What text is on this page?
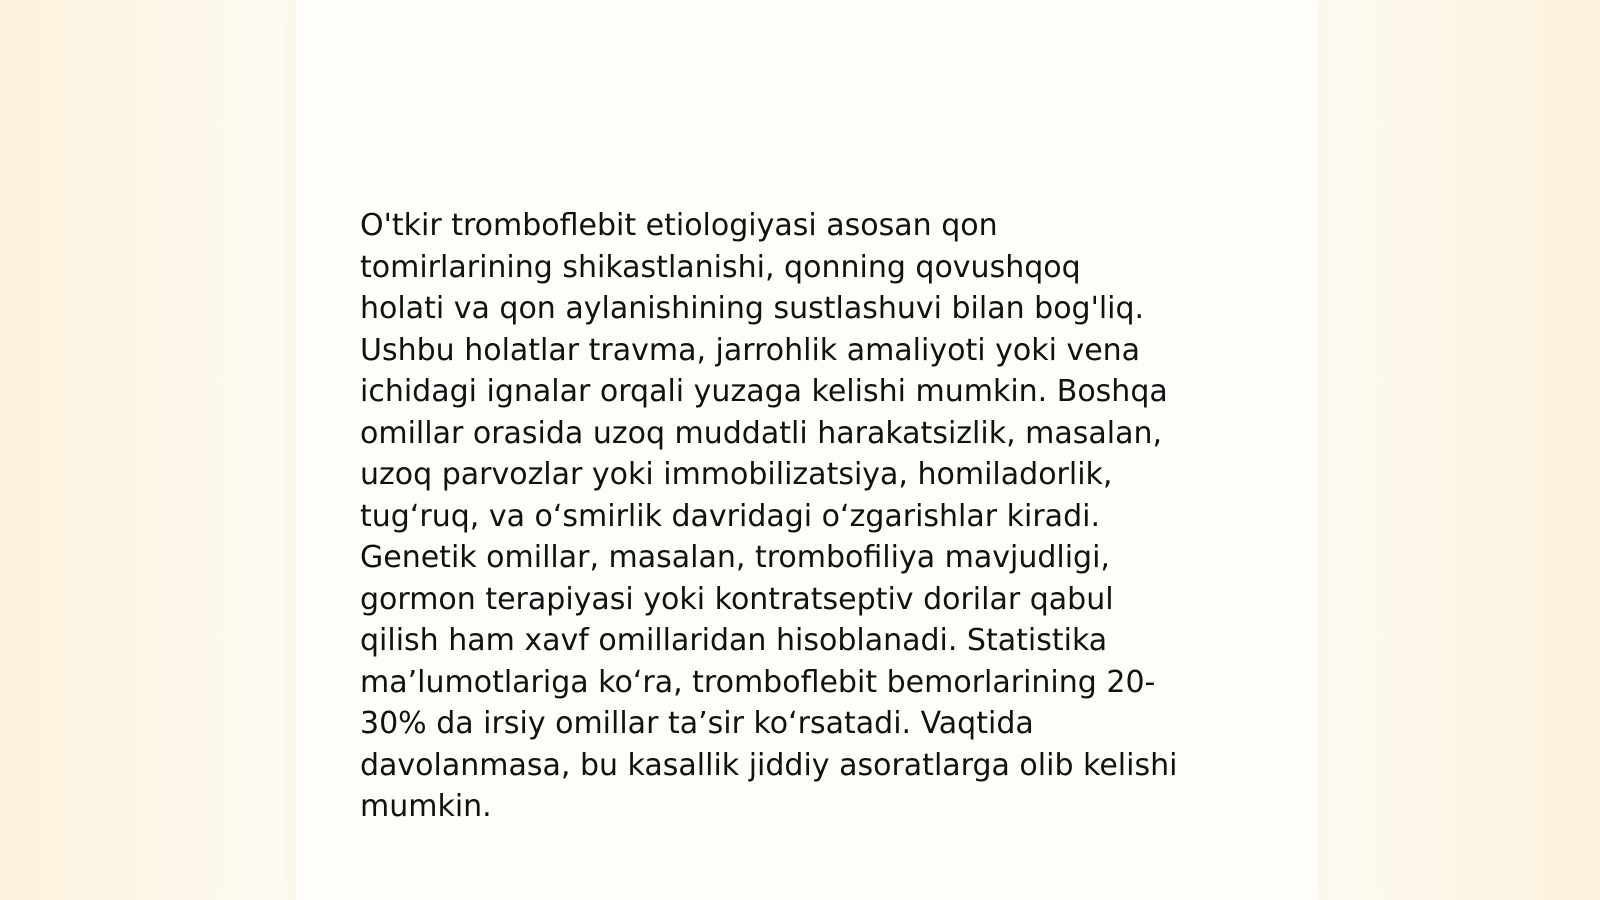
O'tkir tromboflebit etiologiyasi asosan qon
tomirlarining shikastlanishi, qonning qovushqoq
holati va qon aylanishining sustlashuvi bilan bog'liq.
Ushbu holatlar travma, jarrohlik amaliyoti yoki vena
ichidagi ignalar orqali yuzaga kelishi mumkin. Boshqa
omillar orasida uzoq muddatli harakatsizlik, masalan,
uzoq parvozlar yoki immobilizatsiya, homiladorlik,
tug‘ruq, va o‘smirlik davridagi o‘zgarishlar kiradi.
Genetik omillar, masalan, trombofiliya mavjudligi,
gormon terapiyasi yoki kontratseptiv dorilar qabul
qilish ham xavf omillaridan hisoblanadi. Statistika
ma’lumotlariga ko‘ra, tromboflebit bemorlarining 20-
30% da irsiy omillar ta’sir ko‘rsatadi. Vaqtida
davolanmasa, bu kasallik jiddiy asoratlarga olib kelishi
mumkin.
